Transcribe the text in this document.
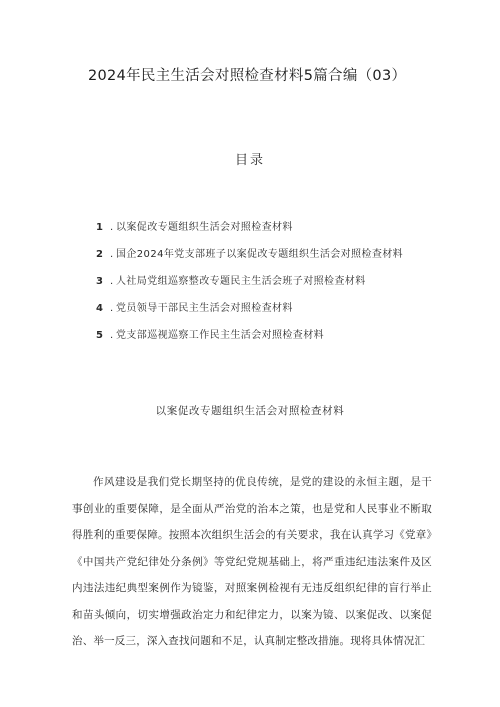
2024年民主生活会对照检查材料5篇合编（03）
目录
1 . 以案促改专题组织生活会对照检查材料
2 . 国企2024年党支部班子以案促改专题组织生活会对照检查材料
3 . 人社局党组巡察整改专题民主生活会班子对照检查材料
4 . 党员领导干部民主生活会对照检查材料
5 . 党支部巡视巡察工作民主生活会对照检查材料
以案促改专题组织生活会对照检查材料

作风建设是我们党长期坚持的优良传统，是党的建设的永恒主题，是干事创业的重要保障，是全面从严治党的治本之策，也是党和人民事业不断取得胜利的重要保障。按照本次组织生活会的有关要求，我在认真学习《党章》《中国共产党纪律处分条例》等党纪党规基础上，将严重违纪违法案件及区内违法违纪典型案例作为镜鉴，对照案例检视有无违反组织纪律的盲行举止和苗头倾向，切实增强政治定力和纪律定力，以案为镜、以案促改、以案促治、举一反三，深入查找问题和不足，认真制定整改措施。现将具体情况汇
